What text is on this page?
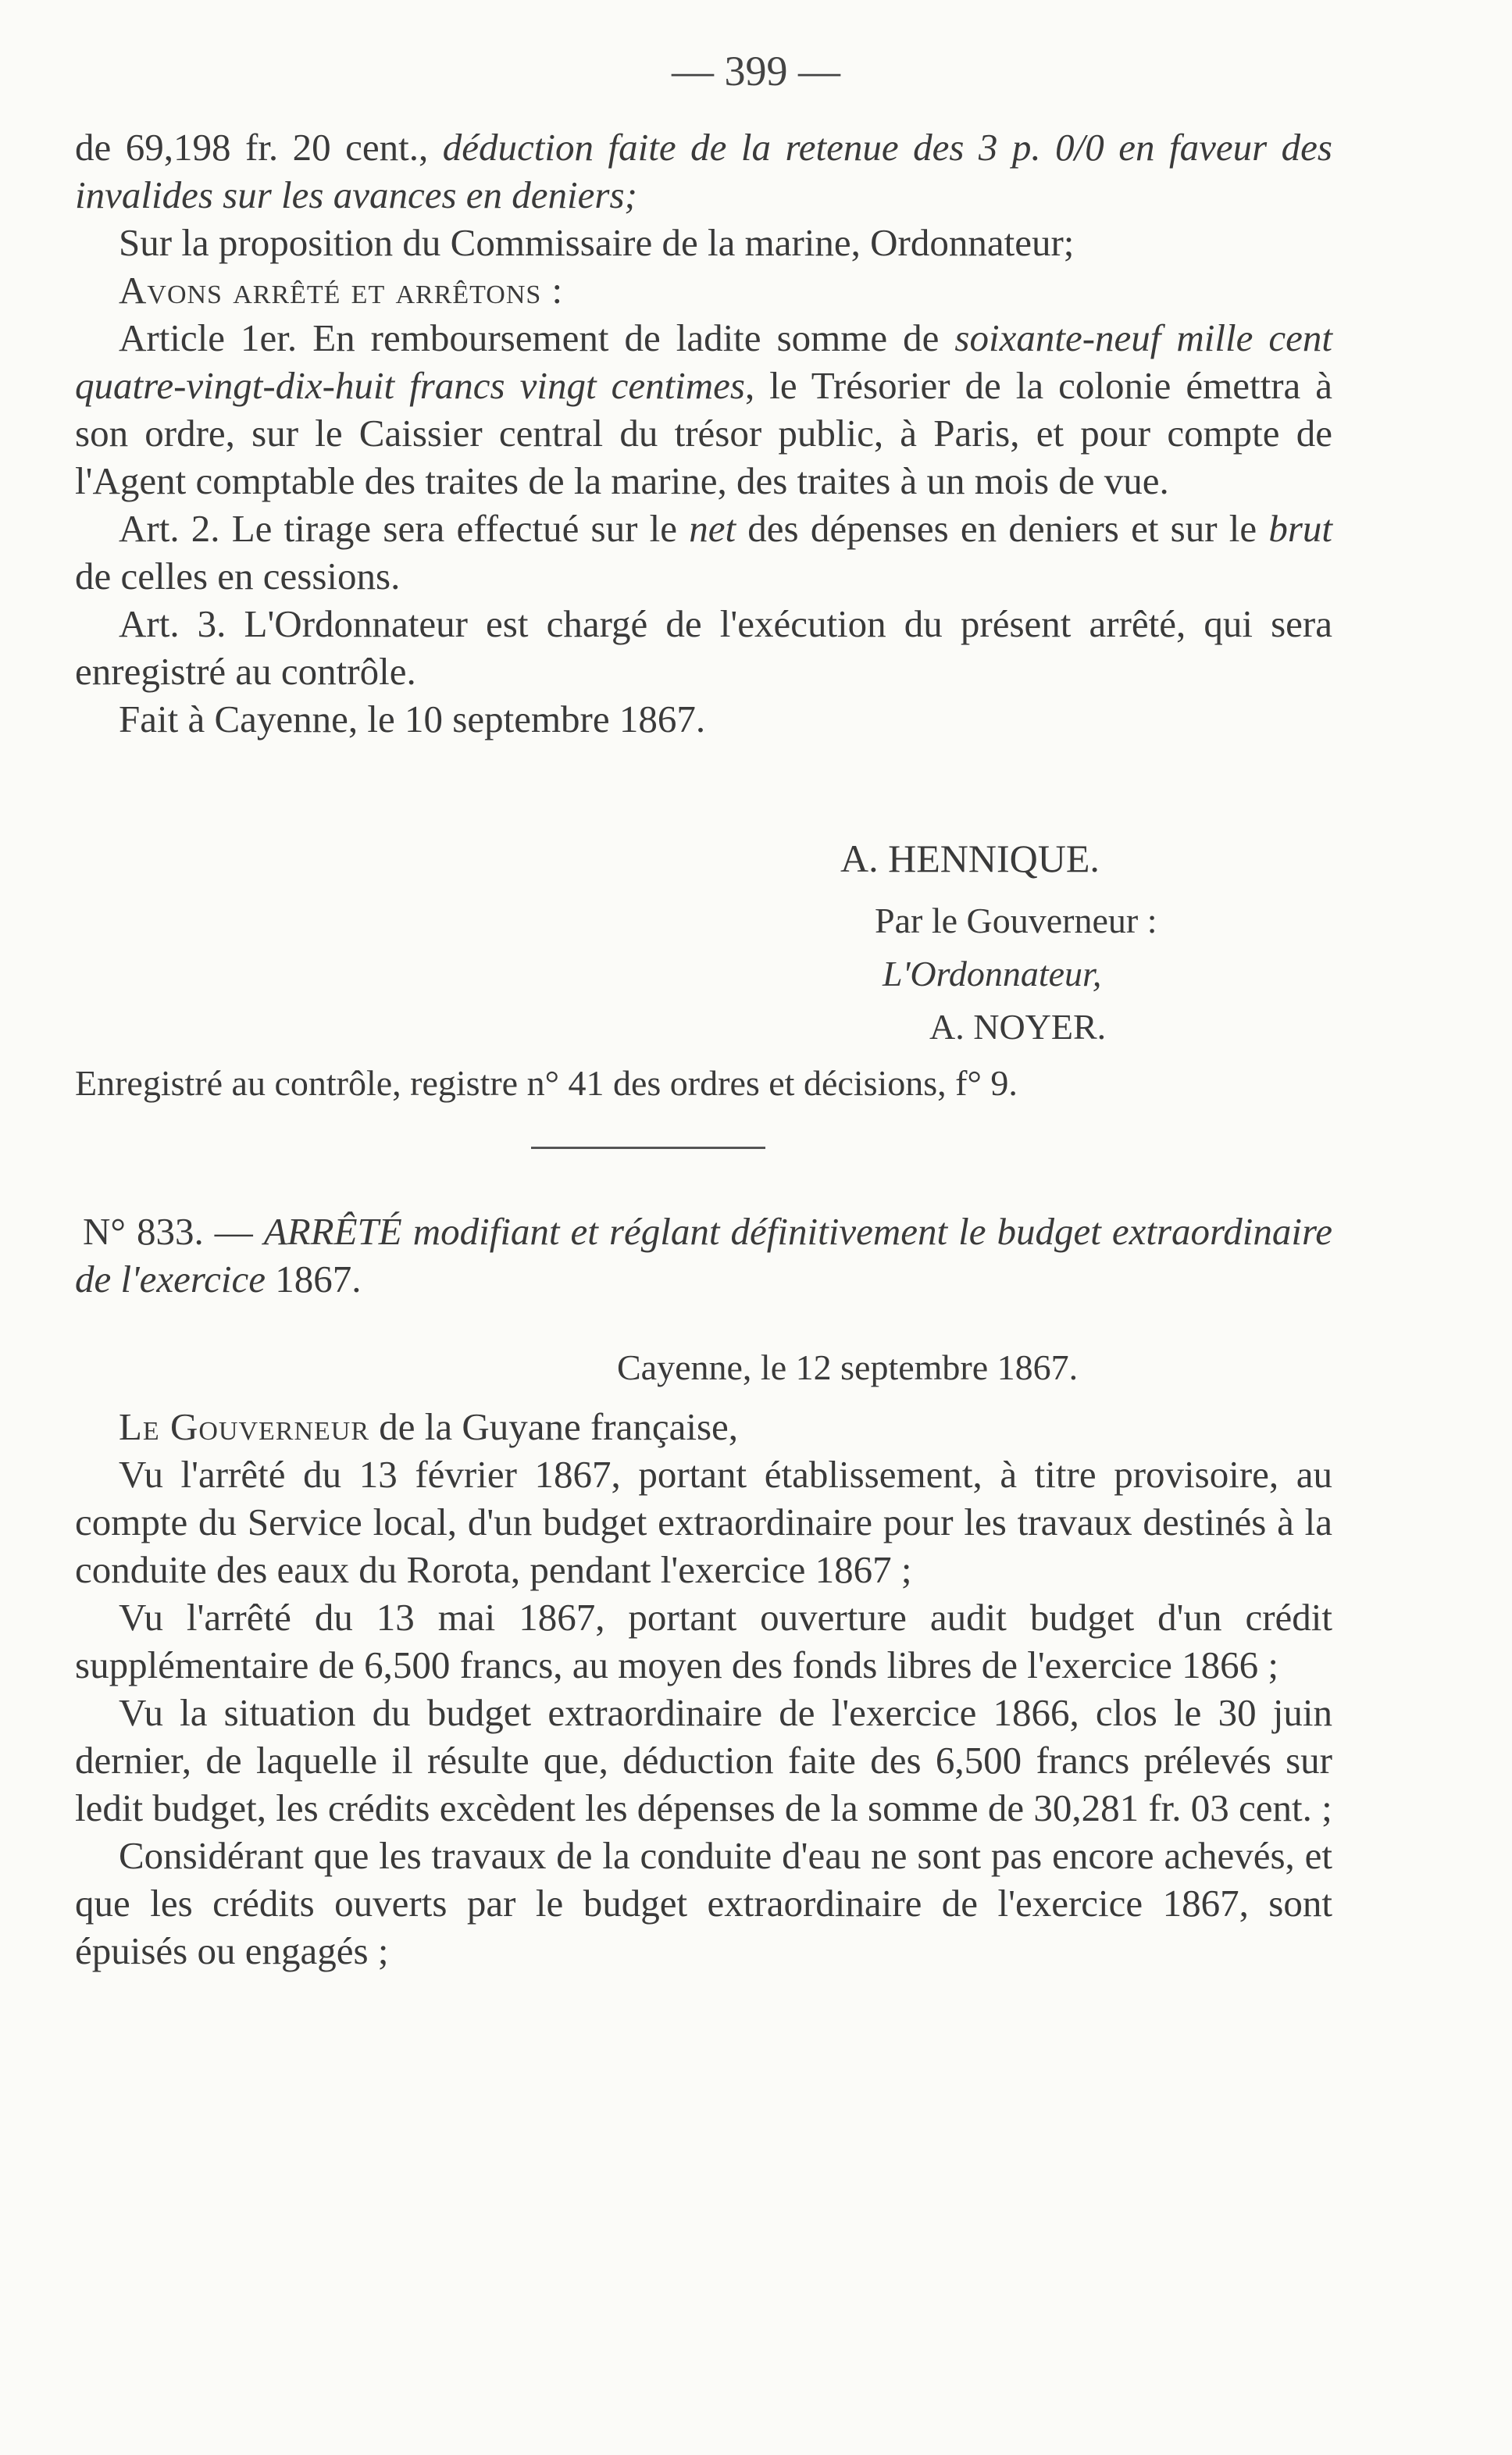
— 399 —

de 69,198 fr. 20 cent., déduction faite de la retenue des 3 p. 0/0 en faveur des invalides sur les avances en deniers;

Sur la proposition du Commissaire de la marine, Ordonnateur;

Avons arrêté et arrêtons :

Article 1er. En remboursement de ladite somme de soixante-neuf mille cent quatre-vingt-dix-huit francs vingt centimes, le Trésorier de la colonie émettra à son ordre, sur le Caissier central du trésor public, à Paris, et pour compte de l'Agent comptable des traites de la marine, des traites à un mois de vue.

Art. 2. Le tirage sera effectué sur le net des dépenses en deniers et sur le brut de celles en cessions.

Art. 3. L'Ordonnateur est chargé de l'exécution du présent arrêté, qui sera enregistré au contrôle.

Fait à Cayenne, le 10 septembre 1867.

A. HENNIQUE.
Par le Gouverneur :
L'Ordonnateur,
A. NOYER.
Enregistré au contrôle, registre n° 41 des ordres et décisions, f° 9.

N° 833. — ARRÊTÉ modifiant et réglant définitivement le budget extraordinaire de l'exercice 1867.

Cayenne, le 12 septembre 1867.

Le Gouverneur de la Guyane française,

Vu l'arrêté du 13 février 1867, portant établissement, à titre provisoire, au compte du Service local, d'un budget extraordinaire pour les travaux destinés à la conduite des eaux du Rorota, pendant l'exercice 1867 ;

Vu l'arrêté du 13 mai 1867, portant ouverture audit budget d'un crédit supplémentaire de 6,500 francs, au moyen des fonds libres de l'exercice 1866 ;

Vu la situation du budget extraordinaire de l'exercice 1866, clos le 30 juin dernier, de laquelle il résulte que, déduction faite des 6,500 francs prélevés sur ledit budget, les crédits excèdent les dépenses de la somme de 30,281 fr. 03 cent. ;

Considérant que les travaux de la conduite d'eau ne sont pas encore achevés, et que les crédits ouverts par le budget extraordinaire de l'exercice 1867, sont épuisés ou engagés ;
